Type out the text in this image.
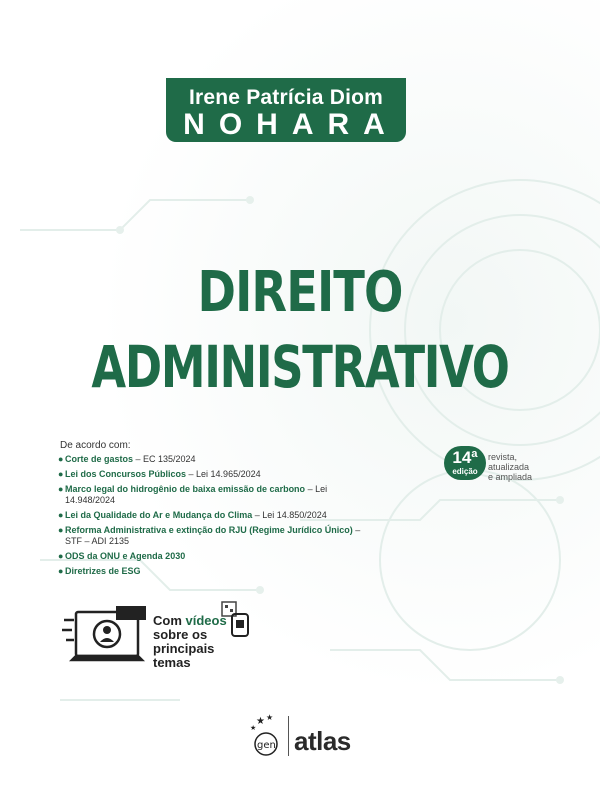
Irene Patrícia Diom
NOHARA
DIREITO
ADMINISTRATIVO
De acordo com:
● Corte de gastos – EC 135/2024
● Lei dos Concursos Públicos – Lei 14.965/2024
● Marco legal do hidrogênio de baixa emissão de carbono – Lei 14.948/2024
● Lei da Qualidade do Ar e Mudança do Clima – Lei 14.850/2024
● Reforma Administrativa e extinção do RJU (Regime Jurídico Único) – STF – ADI 2135
● ODS da ONU e Agenda 2030
● Diretrizes de ESG
14ª
edição
revista,
atualizada
e ampliada
Com vídeos
sobre os
principais
temas
★ ★
★
gen atlas
